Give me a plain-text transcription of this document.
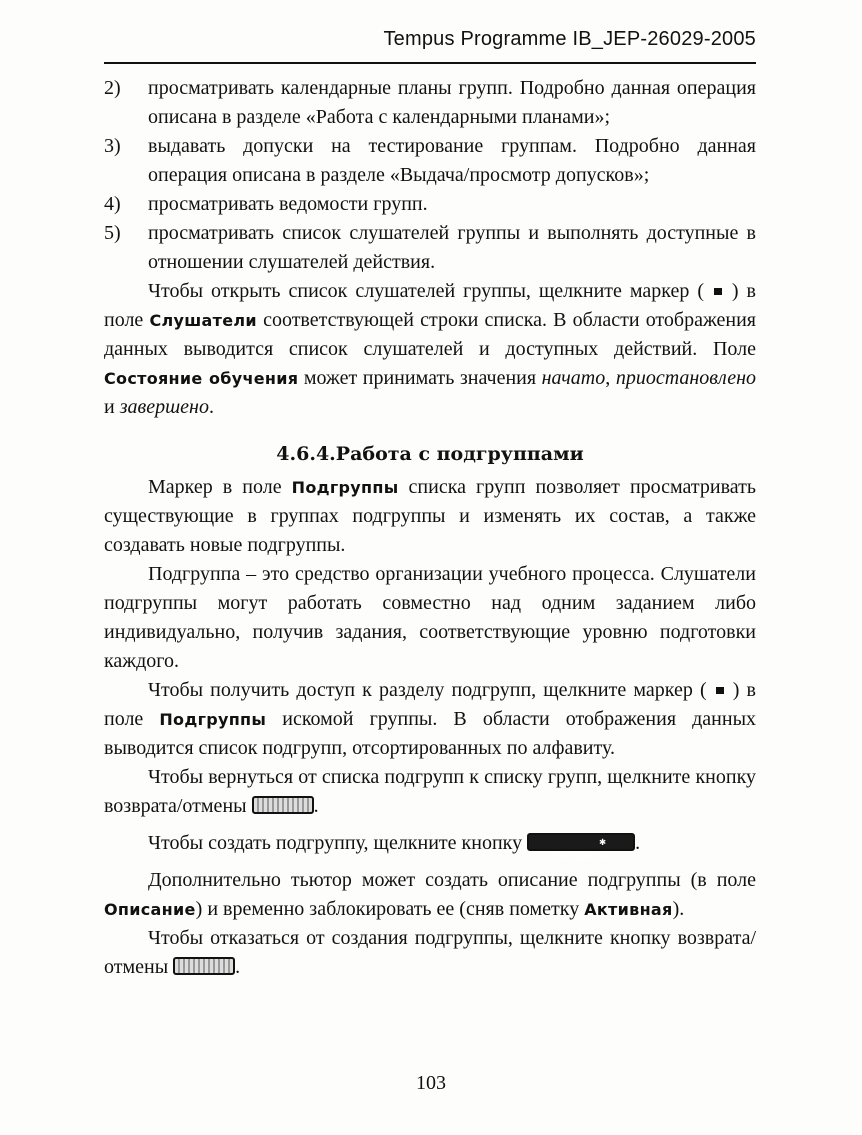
Tempus Programme IB_JEP-26029-2005
2)	просматривать календарные планы групп. Подробно данная операция описана в разделе «Работа с календарными планами»;
3)	выдавать допуски на тестирование группам. Подробно данная операция описана в разделе «Выдача/просмотр допусков»;
4)	просматривать ведомости групп.
5)	просматривать список слушателей группы и выполнять доступные в отношении слушателей действия.

Чтобы открыть список слушателей группы, щелкните маркер (  ) в поле Слушатели соответствующей строки списка. В области отображения данных выводится список слушателей и доступных действий. Поле Состояние обучения может принимать значения начато, приостановлено и завершено.

4.6.4.Работа с подгруппами

Маркер в поле Подгруппы списка групп позволяет просматривать существующие в группах подгруппы и изменять их состав, а также создавать новые подгруппы.

Подгруппа – это средство организации учебного процесса. Слушатели подгруппы могут работать совместно над одним заданием либо индивидуально, получив задания, соответствующие уровню подготовки каждого.

Чтобы получить доступ к разделу подгрупп, щелкните маркер (  ) в поле Подгруппы искомой группы. В области отображения данных выводится список подгрупп, отсортированных по алфавиту.

Чтобы вернуться от списка подгрупп к списку групп, щелкните кнопку возврата/отмены	.

Чтобы создать подгруппу, щелкните кнопку	✱ создать.

Дополнительно тьютор может создать описание подгруппы (в поле Описание) и временно заблокировать ее (сняв пометку Активная).

Чтобы отказаться от создания подгруппы, щелкните кнопку возврата/отмены	.

103
